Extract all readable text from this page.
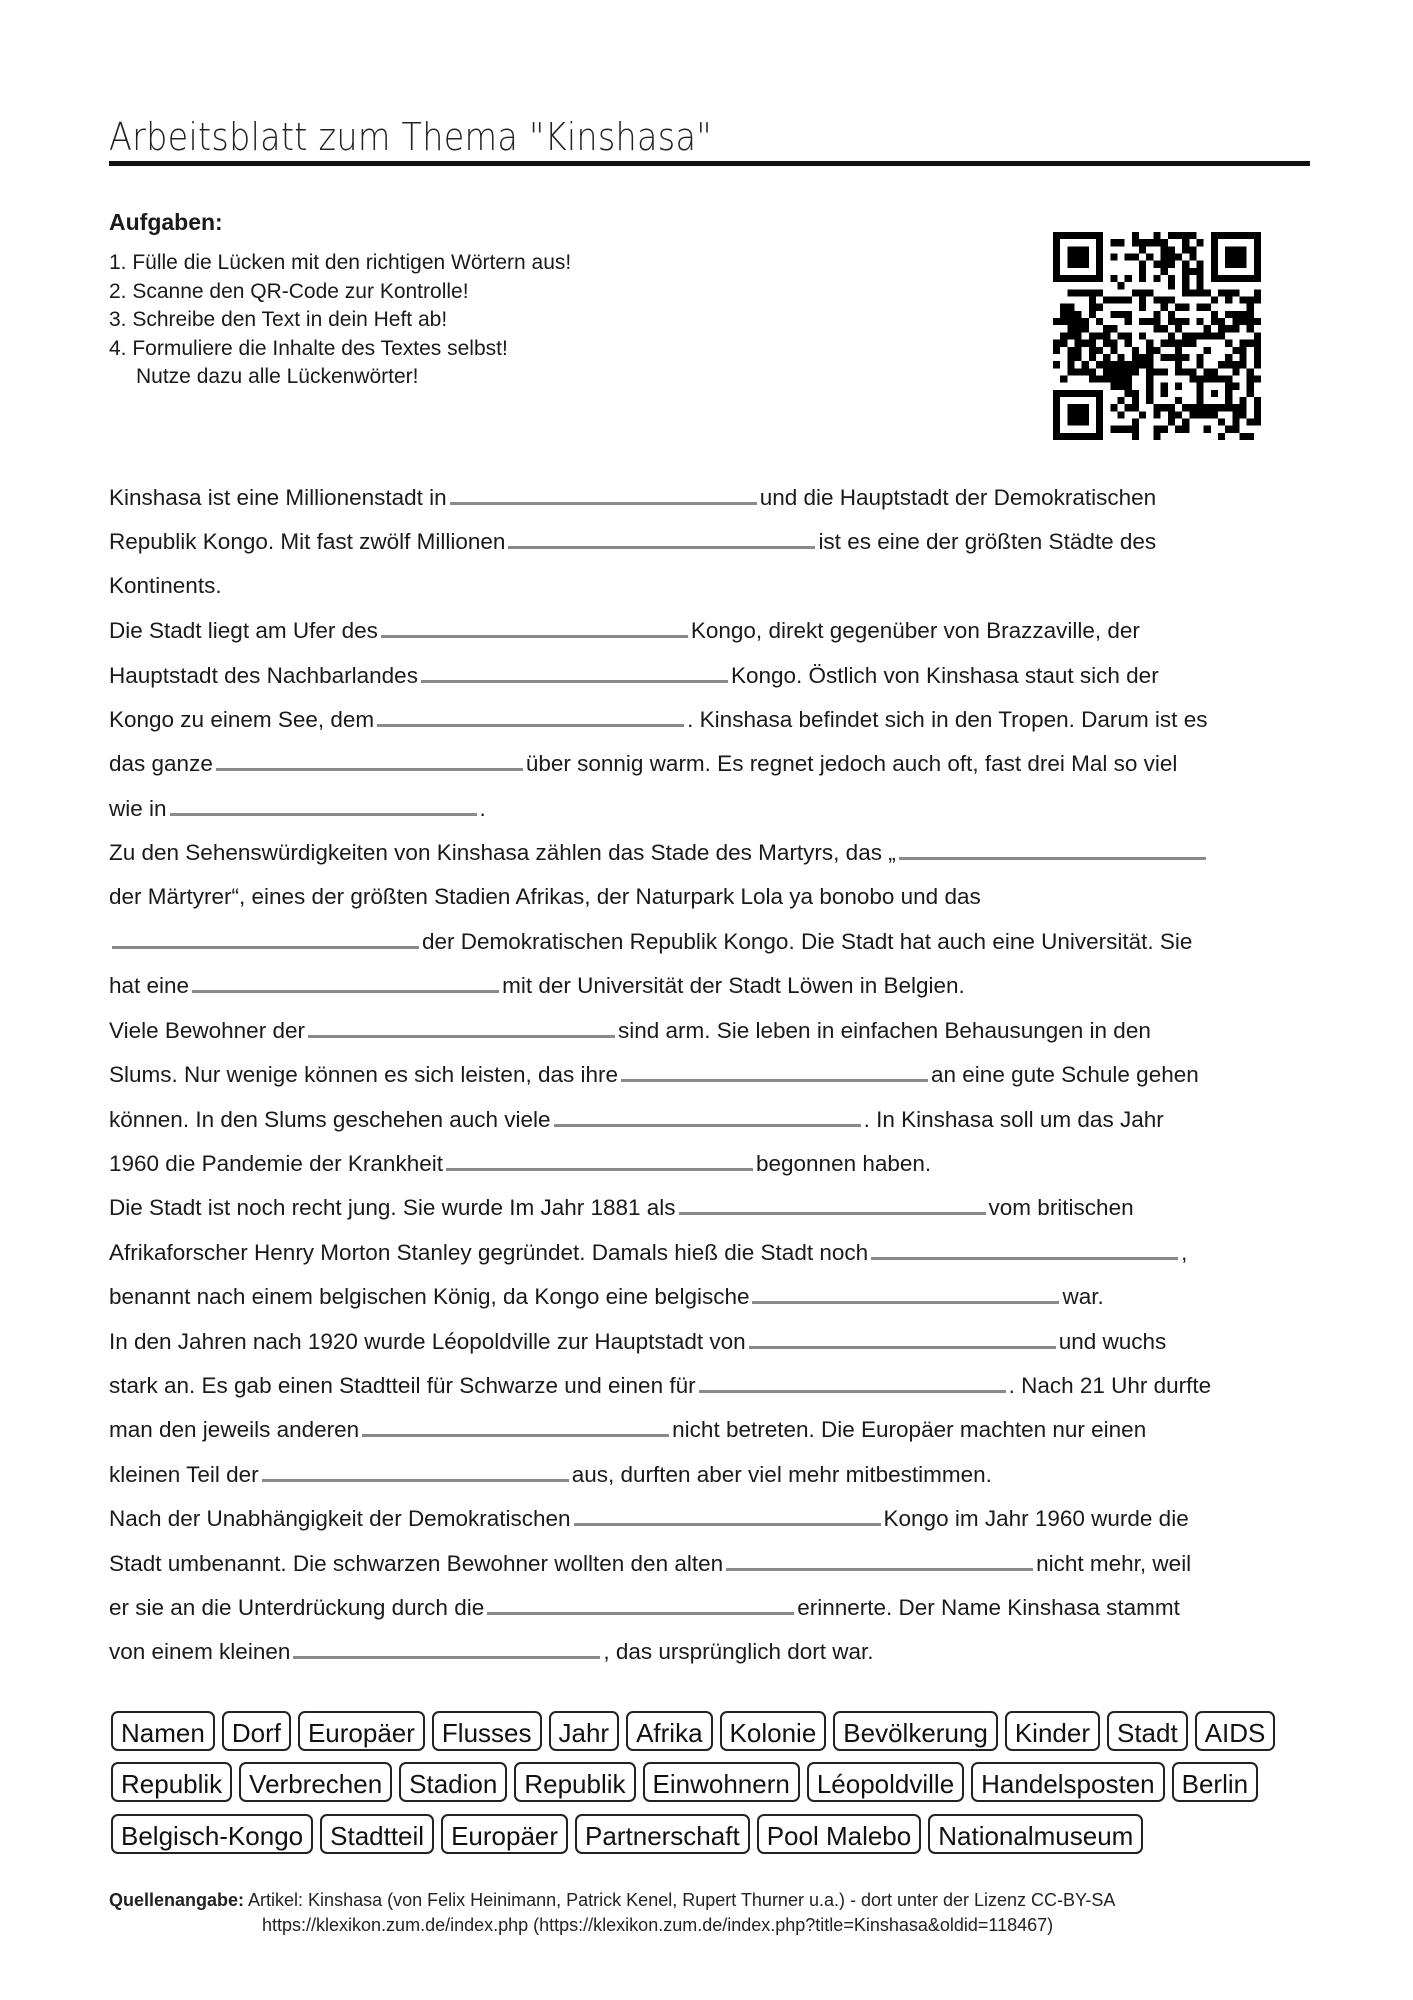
Arbeitsblatt zum Thema "Kinshasa"
Aufgaben:
1. Fülle die Lücken mit den richtigen Wörtern aus!
2. Scanne den QR-Code zur Kontrolle!
3. Schreibe den Text in dein Heft ab!
4. Formuliere die Inhalte des Textes selbst!
Nutze dazu alle Lückenwörter!
Kinshasa ist eine Millionenstadt in	und die Hauptstadt der Demokratischen
Republik Kongo. Mit fast zwölf Millionen	ist es eine der größten Städte des
Kontinents.
Die Stadt liegt am Ufer des	Kongo, direkt gegenüber von Brazzaville, der
Hauptstadt des Nachbarlandes	Kongo. Östlich von Kinshasa staut sich der
Kongo zu einem See, dem	. Kinshasa befindet sich in den Tropen. Darum ist es
das ganze	über sonnig warm. Es regnet jedoch auch oft, fast drei Mal so viel
wie in	.
Zu den Sehenswürdigkeiten von Kinshasa zählen das Stade des Martyrs, das „
der Märtyrer“, eines der größten Stadien Afrikas, der Naturpark Lola ya bonobo und das
der Demokratischen Republik Kongo. Die Stadt hat auch eine Universität. Sie
hat eine	mit der Universität der Stadt Löwen in Belgien.
Viele Bewohner der	sind arm. Sie leben in einfachen Behausungen in den
Slums. Nur wenige können es sich leisten, das ihre	an eine gute Schule gehen
können. In den Slums geschehen auch viele	. In Kinshasa soll um das Jahr
1960 die Pandemie der Krankheit	begonnen haben.
Die Stadt ist noch recht jung. Sie wurde Im Jahr 1881 als	vom britischen
Afrikaforscher Henry Morton Stanley gegründet. Damals hieß die Stadt noch	,
benannt nach einem belgischen König, da Kongo eine belgische	war.
In den Jahren nach 1920 wurde Léopoldville zur Hauptstadt von	und wuchs
stark an. Es gab einen Stadtteil für Schwarze und einen für	. Nach 21 Uhr durfte
man den jeweils anderen	nicht betreten. Die Europäer machten nur einen
kleinen Teil der	aus, durften aber viel mehr mitbestimmen.
Nach der Unabhängigkeit der Demokratischen	Kongo im Jahr 1960 wurde die
Stadt umbenannt. Die schwarzen Bewohner wollten den alten	nicht mehr, weil
er sie an die Unterdrückung durch die	erinnerte. Der Name Kinshasa stammt
von einem kleinen	, das ursprünglich dort war.
Namen	Dorf	Europäer	Flusses	Jahr	Afrika	Kolonie	Bevölkerung	Kinder	Stadt	AIDS
Republik	Verbrechen	Stadion	Republik	Einwohnern	Léopoldville	Handelsposten	Berlin
Belgisch-Kongo	Stadtteil	Europäer	Partnerschaft	Pool Malebo	Nationalmuseum
Quellenangabe: Artikel: Kinshasa (von Felix Heinimann, Patrick Kenel, Rupert Thurner u.a.) - dort unter der Lizenz CC-BY-SA
https://klexikon.zum.de/index.php (https://klexikon.zum.de/index.php?title=Kinshasa&oldid=118467)
